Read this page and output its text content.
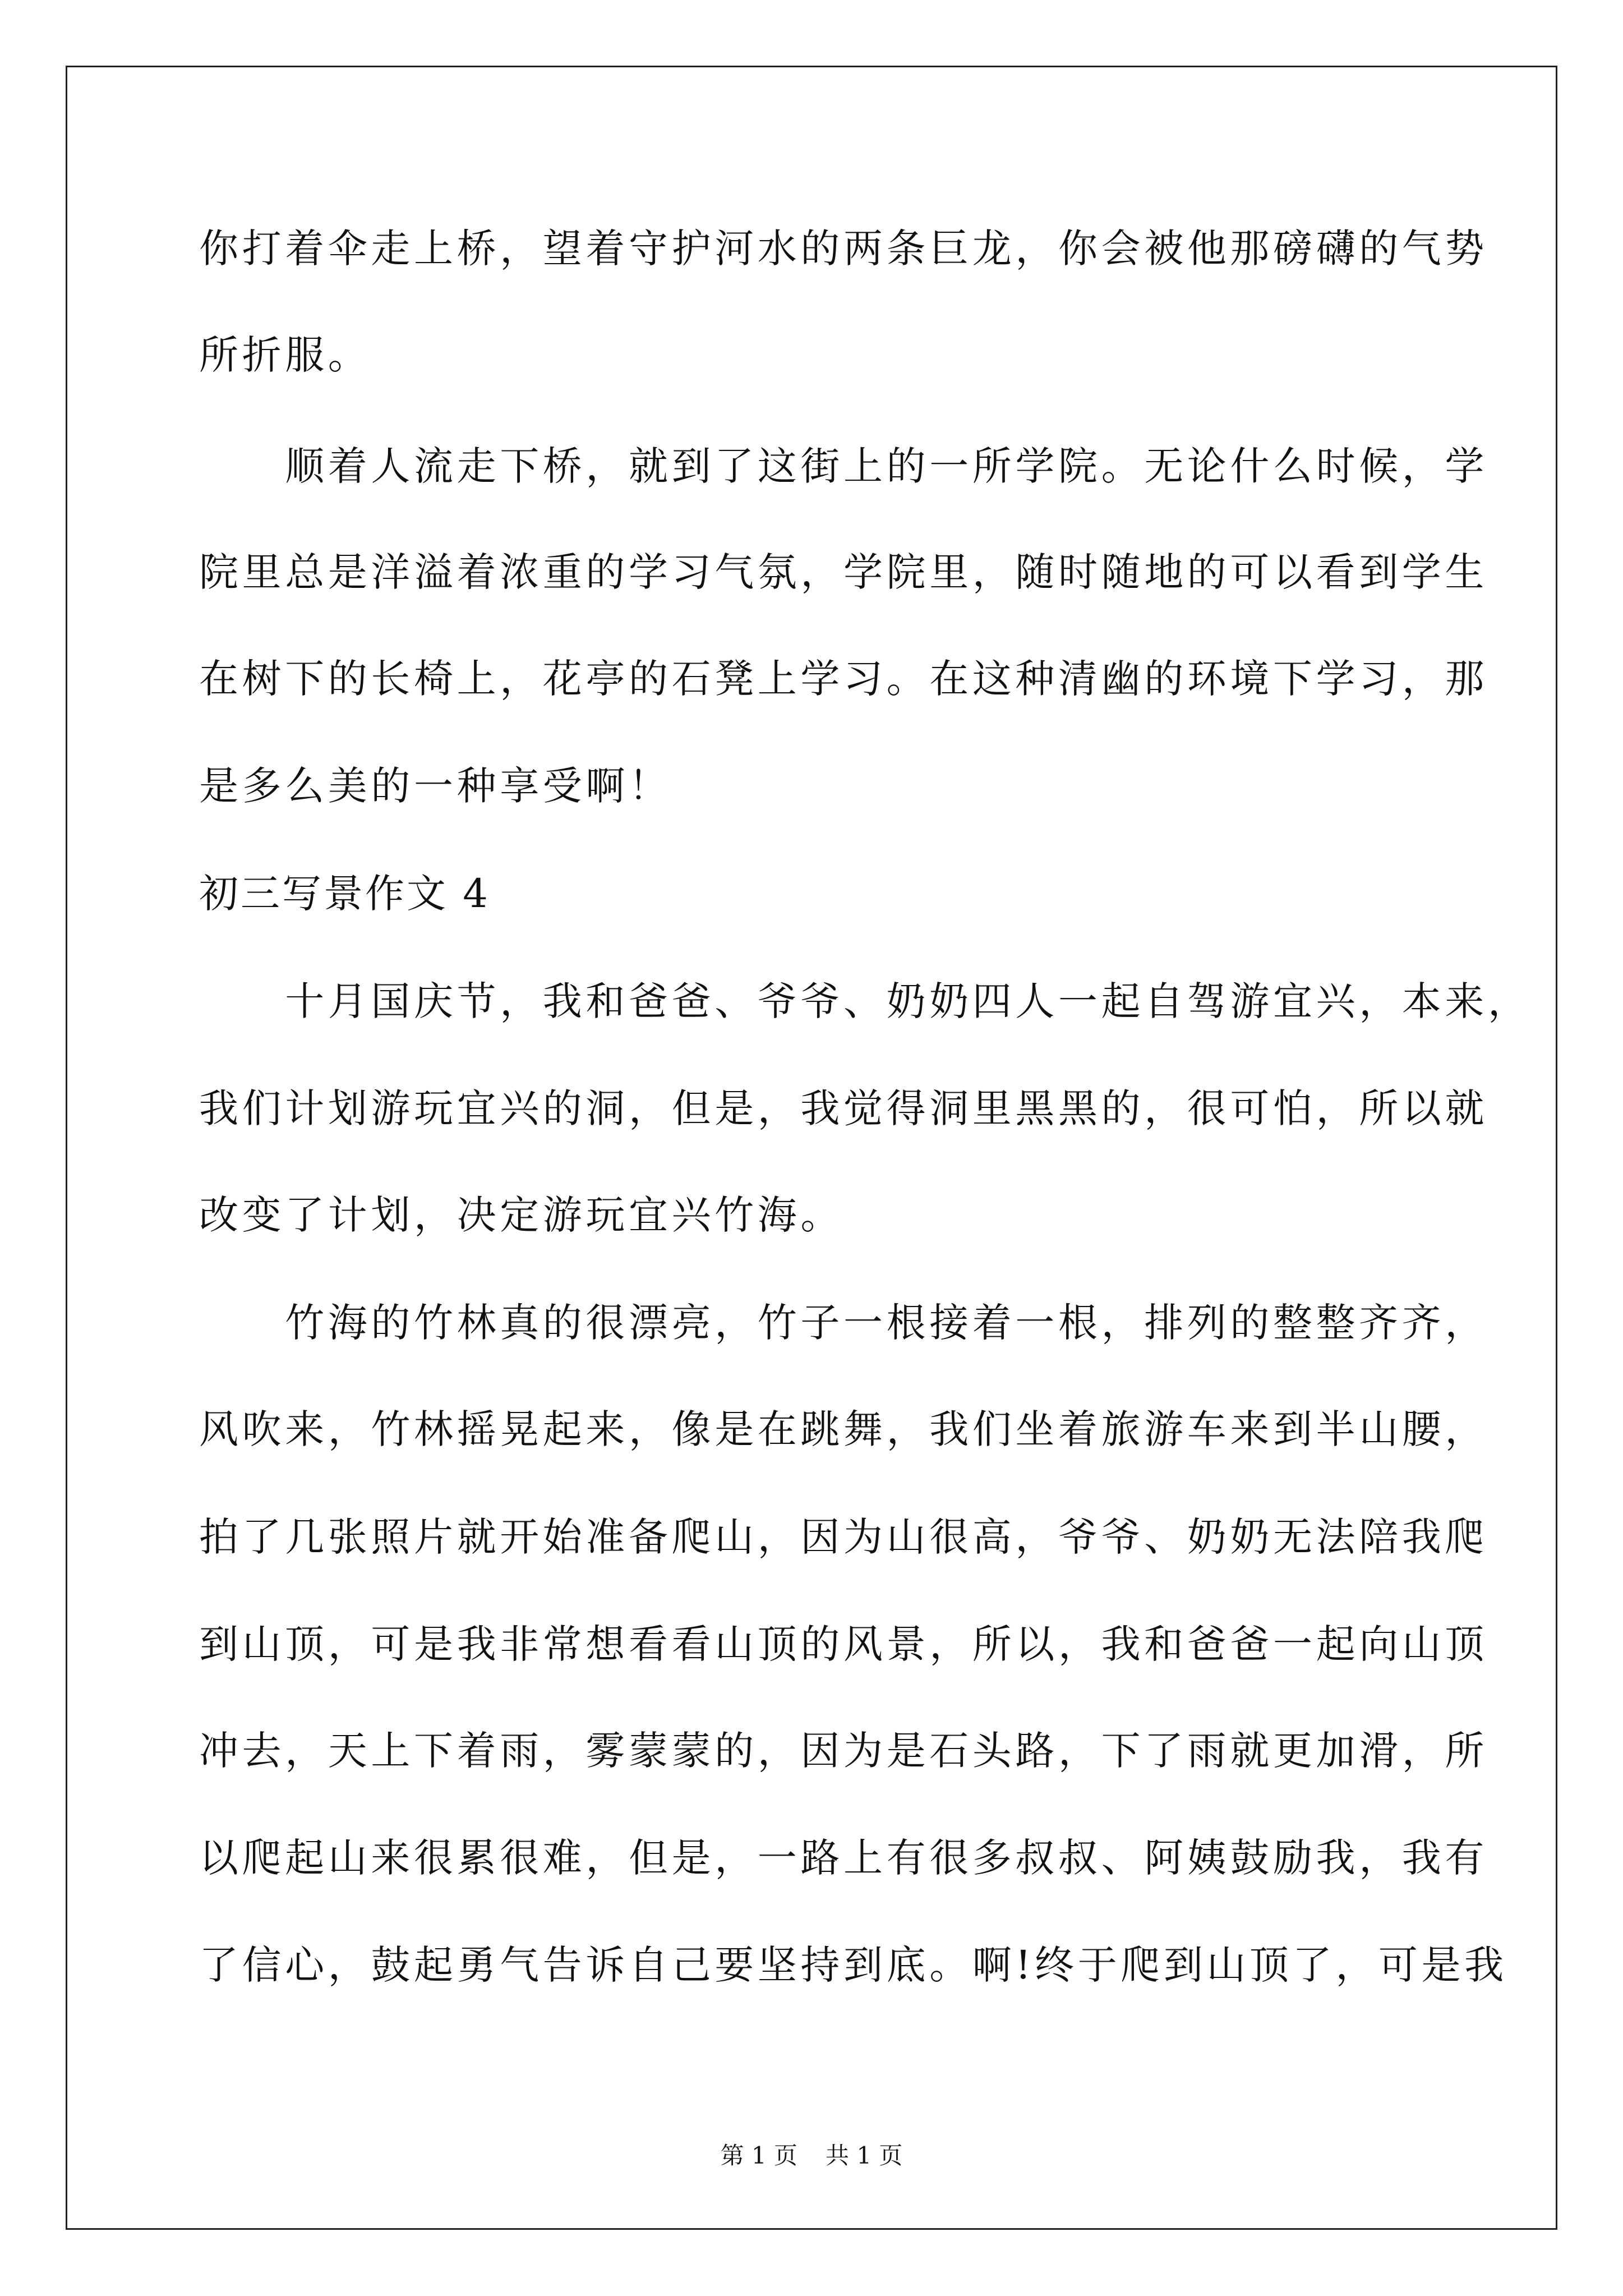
你打着伞走上桥，望着守护河水的两条巨龙，你会被他那磅礴的气势
所折服。
　　顺着人流走下桥，就到了这街上的一所学院。无论什么时候，学
院里总是洋溢着浓重的学习气氛，学院里，随时随地的可以看到学生
在树下的长椅上，花亭的石凳上学习。在这种清幽的环境下学习，那
是多么美的一种享受啊！
初三写景作文 4
　　十月国庆节，我和爸爸、爷爷、奶奶四人一起自驾游宜兴，本来，
我们计划游玩宜兴的洞，但是，我觉得洞里黑黑的，很可怕，所以就
改变了计划，决定游玩宜兴竹海。
　　竹海的竹林真的很漂亮，竹子一根接着一根，排列的整整齐齐，
风吹来，竹林摇晃起来，像是在跳舞，我们坐着旅游车来到半山腰，
拍了几张照片就开始准备爬山，因为山很高，爷爷、奶奶无法陪我爬
到山顶，可是我非常想看看山顶的风景，所以，我和爸爸一起向山顶
冲去，天上下着雨，雾蒙蒙的，因为是石头路，下了雨就更加滑，所
以爬起山来很累很难，但是，一路上有很多叔叔、阿姨鼓励我，我有
了信心，鼓起勇气告诉自己要坚持到底。啊!终于爬到山顶了，可是我
第 1 页 共 1 页
